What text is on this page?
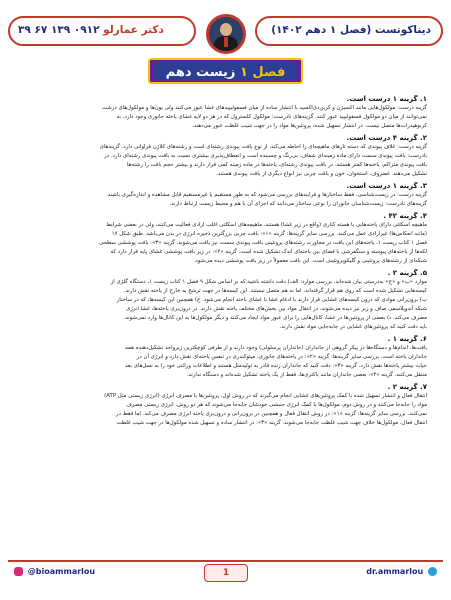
دیناکوتست (فصل ۱ دهم ۱۴۰۲)
دکتر عمارلو ۰۹۱۲ ۱۳۹ ۶۷ ۳۹
فصل ۱ زیست دهم
۱. گزینه ۱ درست است.
گزینه درست: مولکول‌هایی مانند اکسیژن و کربن‌دی‌اکسید با انتشار ساده از میان فسفولیپیدهای غشا عبور می‌کنند ولی یون‌ها و مولکول‌های درشت
نمی‌توانند از میان دو مولکول فسفولیپید عبور کنند. گزینه‌های نادرست: مولکول کلسترول که در هر دو لایه غشای یاخته جانوری وجود دارد، به
کربوهیدرات‌ها متصل نیست. در انتشار تسهیل شده، پروتئین‌ها مواد را در جهت شیب غلظت عبور می‌دهند.
۲. گزینه ۴ درست است.
گزینه درست: غلاف پیوندی که دسته تارهای ماهیچه‌ای را احاطه می‌کند، از نوع بافت پیوندی رشته‌ای است و رشته‌های کلاژن فراوانی دارد. گزینه‌های
نادرست: بافت پیوندی سست دارای ماده زمینه‌ای شفاف، بی‌رنگ و چسبنده است و انعطاف‌پذیری بیشتری نسبت به بافت پیوندی رشته‌ای دارد. در
بافت پیوندی متراکم، یاخته‌ها کمتر هستند. در بافت پیوندی رشته‌ای، یاخته‌ها در ماده زمینه کمی قرار دارند و بیشتر حجم بافت را رشته‌ها
تشکیل می‌دهند. غضروف، استخوان، خون و بافت چربی نیز انواع دیگری از بافت پیوندی هستند.
۳. گزینه ۱ درست است.
گزینه درست: در زیست‌شناسی، فقط ساختارها و فرایندهای بررسی می‌شود که به طور مستقیم یا غیرمستقیم قابل مشاهده و اندازه‌گیری باشند.
گزینه‌های نادرست: زیست‌شناسان جانوران را نوعی ساختار می‌دانند که اجزای آن با هم و محیط زیست ارتباط دارند.
۴. گزینه ۴۲ .
ماهیچه اسکلتی دارای یاخته‌هایی با هسته کناری (واقع در زیر غشا) هستند. ماهیچه‌های اسکلتی اغلب ارادی فعالیت می‌کنند، ولی در بعضی شرایط
(مانند انعکاس‌ها) غیرارادی عمل می‌کنند. بررسی سایر گزینه‌ها: گزینه «۱»: بافت چربی بزرگترین ذخیره انرژی در بدن می‌باشد. طبق شکل ۱۷
فصل ۱ کتاب زیست ۱، یاخته‌های این بافت در مجاورت رشته‌های پروتئینی بافت پیوندی سست نیز یافت می‌شوند. گزینه «۳»: بافت پوششی سطحی
لکه‌ها از یاخته‌های پیوسته و سنگفرشی با فضای بین یاخته‌ای اندک تشکیل شده است. گزینه «۲»: در زیر بافت پوششی غشای پایه قرار دارد که
شبکه‌ای از رشته‌های پروتئینی و گلیکوپروتئینی است. این بافت معمولاً در زیر بافت پوششی دیده می‌شود.
۵. گزینه ۲ .
موارد «ب» و «ج» به‌درستی بیان شده‌اند. بررسی موارد: الف) دقت داشته باشید که بر اساس شکل ۹ فصل ۱ کتاب زیست ۱، دستگاه گلژی از
کیسه‌هایی تشکیل شده است که روی هم قرار گرفته‌اند، اما نه هم متصل نیستند. این کیسه‌ها در جهت ترشح به خارج از یاخته نقش دارند.
ب) برون‌رانی موادی که درون کیسه‌های غشایی قرار دارند با ادغام غشا با غشای یاخته انجام می‌شود. ج) همچنین این کیسه‌ها، که در ساختار
شبکه آندوپلاسمی صاف و زبر نیز دیده می‌شوند، در انتقال مواد بین بخش‌های مختلف یاخته نقش دارند. در درون‌بری یاخته‌ها، غشا انرژی
مصرف می‌کند. د) بعضی از پروتئین‌ها در غشا، کانال‌هایی را برای عبور مواد ایجاد می‌کنند و دیگر مولکول‌ها به این کانال‌ها وارد نمی‌شوند.
باید دقت کنید که پروتئین‌های غشایی در جابه‌جایی مواد نقش دارند.
۶. گزینه ۱ .
بافت‌ها، اندام‌ها و دستگاه‌ها در پیکر گروهی از جانداران (جانداران پرسلولی) وجود دارند و از طرفی کوچکترین زیرواحد تشکیل‌دهنده همه
جانداران یاخته است. بررسی سایر گزینه‌ها: گزینه «۲»: در یاخته‌های جانوری، میتوکندری در تنفس یاخته‌ای نقش دارد و انرژی آن در
حیات بیشتر یاخته‌ها نقش دارد. گزینه «۳»: دقت کنید که جانداران زنده قادر به تولیدمثل هستند و اطلاعات وراثتی خود را به نسل‌های بعد
منتقل می‌کنند. گزینه «۴»: بعضی جانداران مانند باکتری‌ها، فقط از یک یاخته تشکیل شده‌اند و دستگاه ندارند.
۷. گزینه ۲ .
انتقال فعال و انتشار تسهیل شده با کمک پروتئین‌های غشایی انجام می‌گیرند که در روش اول، پروتئین‌ها با مصرف انرژی (انرژی زیستی مثل ATP)
مواد را جابه‌جا می‌کنند و در روش دوم، مولکول‌ها با کمک انرژی جنبشی خودشان جابه‌جا می‌شوند که هر دو روش، انرژی زیستی مصرف
نمی‌کنند. بررسی سایر گزینه‌ها: گزینه «۱»: در روش انتقال فعال و همچنین در برون‌رانی و درون‌بری یاخته انرژی مصرف می‌کند. اما فقط در
انتقال فعال، مولکول‌ها خلاف جهت شیب غلظت جابه‌جا می‌شوند. گزینه «۳»: در انتشار ساده و تسهیل شده مولکول‌ها در جهت شیب غلظت
@bioammarlou	1	dr.ammarlou
